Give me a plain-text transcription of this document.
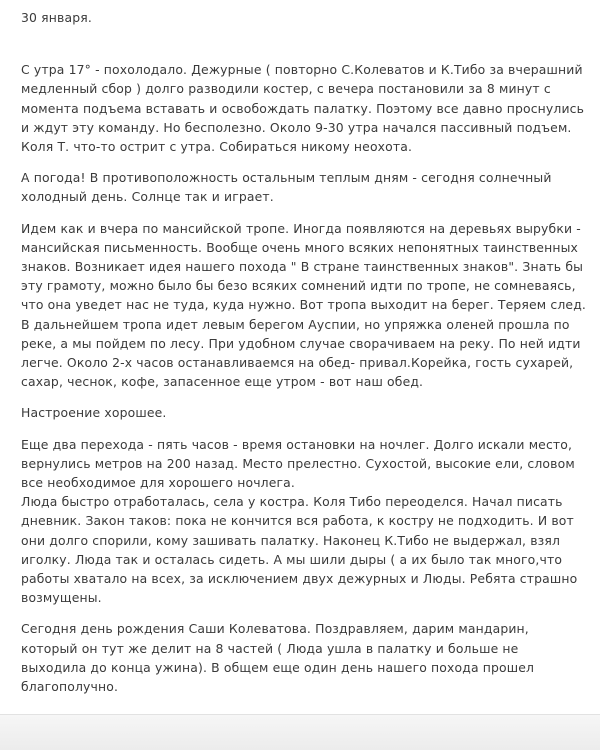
30 января.

С утра 17° - похолодало. Дежурные ( повторно С.Колеватов и К.Тибо за вчерашний медленный сбор ) долго разводили костер, с вечера постановили за 8 минут с момента подъема вставать и освобождать палатку. Поэтому все давно проснулись и ждут эту команду. Но бесполезно. Около 9-30 утра начался пассивный подъем. Коля Т. что-то острит с утра. Собираться никому неохота.

А погода! В противоположность остальным теплым дням - сегодня солнечный холодный день. Солнце так и играет.

Идем как и вчера по мансийской тропе. Иногда появляются на деревьях вырубки - мансийская письменность. Вообще очень много всяких непонятных таинственных знаков. Возникает идея нашего похода " В стране таинственных знаков". Знать бы эту грамоту, можно было бы безо всяких сомнений идти по тропе, не сомневаясь, что она уведет нас не туда, куда нужно. Вот тропа выходит на берег. Теряем след. В дальнейшем тропа идет левым берегом Ауспии, но упряжка оленей прошла по реке, а мы пойдем по лесу. При удобном случае сворачиваем на реку. По ней идти легче. Около 2-х часов останавливаемся на обед- привал.Корейка, гость сухарей, сахар, чеснок, кофе, запасенное еще утром - вот наш обед.

Настроение хорошее.

Еще два перехода - пять часов - время остановки на ночлег. Долго искали место, вернулись метров на 200 назад. Место прелестно. Сухостой, высокие ели, словом все необходимое для хорошего ночлега.

Люда быстро отработалась, села у костра. Коля Тибо переоделся. Начал писать дневник. Закон таков: пока не кончится вся работа, к костру не подходить. И вот они долго спорили, кому зашивать палатку. Наконец К.Тибо не выдержал, взял иголку. Люда так и осталась сидеть. А мы шили дыры ( а их было так много,что работы хватало на всех, за исключением двух дежурных и Люды. Ребята страшно возмущены.

Сегодня день рождения Саши Колеватова. Поздравляем, дарим мандарин, который он тут же делит на 8 частей ( Люда ушла в палатку и больше не выходила до конца ужина). В общем еще один день нашего похода прошел благополучно.
